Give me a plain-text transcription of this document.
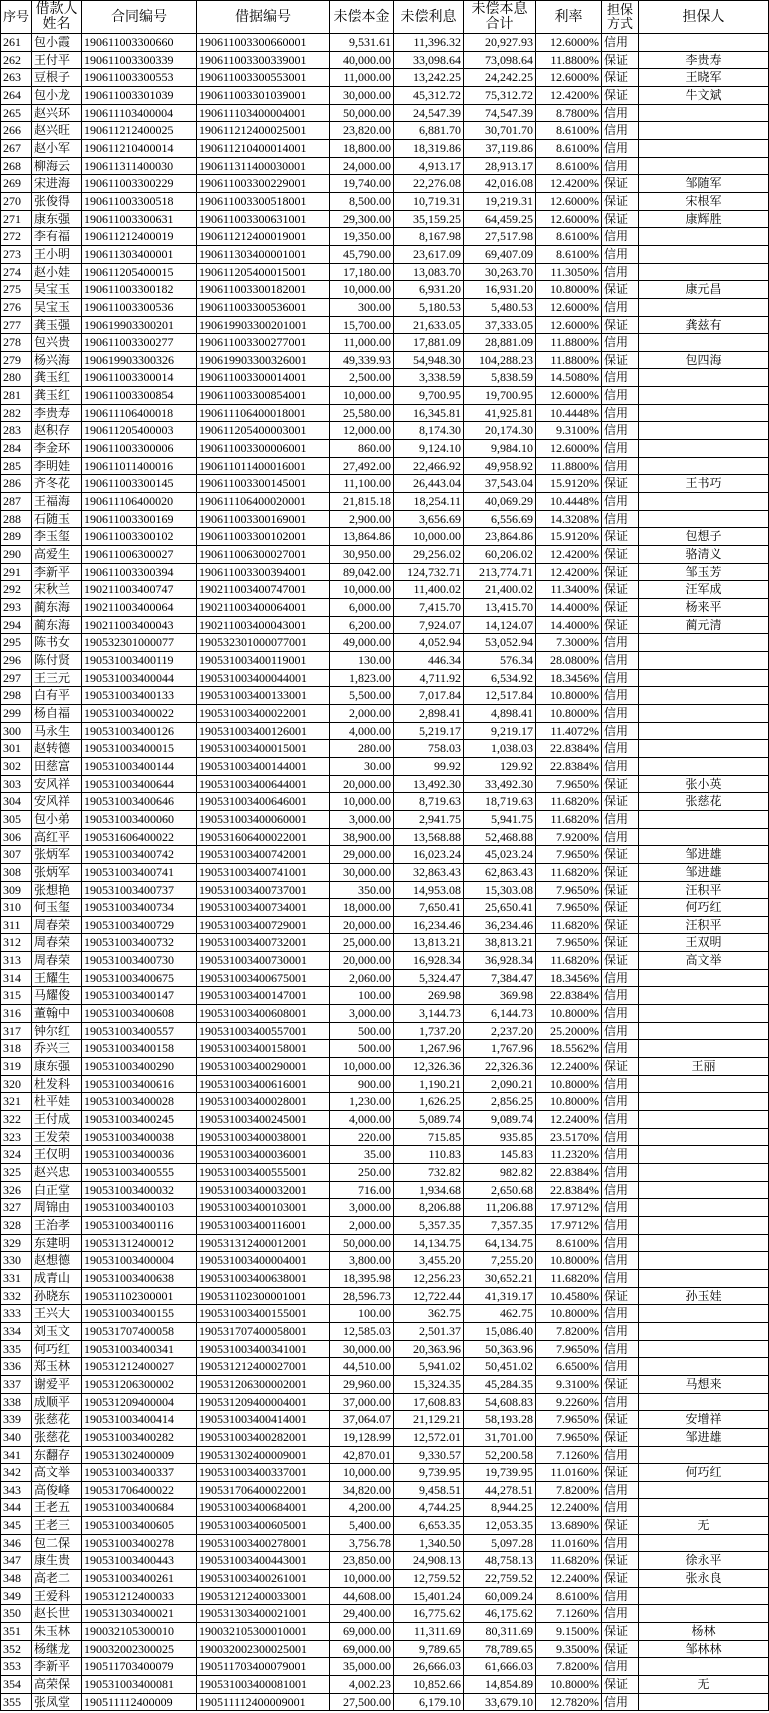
序号 借款人姓名	合同编号	借据编号	未偿本金 未偿利息	未偿本息合计	利率	担保方式	担保人
261	包小霞	190611003300660	190611003300660001	9,531.61	11,396.32	20,927.93	12.6000% 信用
262	王付平	190611003300339	190611003300339001	40,000.00	33,098.64	73,098.64	11.8800% 保证	李贵寿
263	豆根子	190611003300553	190611003300553001	11,000.00	13,242.25	24,242.25	12.6000% 保证	王晓军
264	包小龙	190611003301039	190611003301039001	30,000.00	45,312.72	75,312.72	12.4200% 保证	牛文斌
265	赵兴环	190611103400004	190611103400004001	50,000.00	24,547.39	74,547.39	8.7800% 信用
266	赵兴旺	190611212400025	190611212400025001	23,820.00	6,881.70	30,701.70	8.6100% 信用
267	赵小军	190611210400014	190611210400014001	18,800.00	18,319.86	37,119.86	8.6100% 信用
268	柳海云	190611311400030	190611311400030001	24,000.00	4,913.17	28,913.17	8.6100% 信用
269	宋进海	190611003300229	190611003300229001	19,740.00	22,276.08	42,016.08	12.4200% 保证	邹随军
270	张俊得	190611003300518	190611003300518001	8,500.00	10,719.31	19,219.31	12.6000% 保证	宋根军
271	康东强	190611003300631	190611003300631001	29,300.00	35,159.25	64,459.25	12.6000% 保证	康辉胜
272	李有福	190611212400019	190611212400019001	19,350.00	8,167.98	27,517.98	8.6100% 信用
273	王小明	190611303400001	190611303400001001	45,790.00	23,617.09	69,407.09	8.6100% 信用
274	赵小娃	190611205400015	190611205400015001	17,180.00	13,083.70	30,263.70	11.3050% 信用
275	吴宝玉	190611003300182	190611003300182001	10,000.00	6,931.20	16,931.20	10.8000% 保证	康元昌
276	吴宝玉	190611003300536	190611003300536001	300.00	5,180.53	5,480.53	12.6000% 信用
277	龚玉强	190619903300201	190619903300201001	15,700.00	21,633.05	37,333.05	12.6000% 保证	龚兹有
278	包兴贵	190611003300277	190611003300277001	11,000.00	17,881.09	28,881.09	11.8800% 信用
279	杨兴海	190619903300326	190619903300326001	49,339.93	54,948.30	104,288.23	11.8800% 保证	包四海
280	龚玉红	190611003300014	190611003300014001	2,500.00	3,338.59	5,838.59	14.5080% 信用
281	龚玉红	190611003300854	190611003300854001	10,000.00	9,700.95	19,700.95	12.6000% 信用
282	李贵寿	190611106400018	190611106400018001	25,580.00	16,345.81	41,925.81	10.4448% 信用
283	赵积存	190611205400003	190611205400003001	12,000.00	8,174.30	20,174.30	9.3100% 信用
284	李金环	190611003300006	190611003300006001	860.00	9,124.10	9,984.10	12.6000% 信用
285	李明娃	190611011400016	190611011400016001	27,492.00	22,466.92	49,958.92	11.8800% 信用
286	齐冬花	190611003300145	190611003300145001	11,100.00	26,443.04	37,543.04	15.9120% 保证	王书巧
287	王福海	190611106400020	190611106400020001	21,815.18	18,254.11	40,069.29	10.4448% 信用
288	石随玉	190611003300169	190611003300169001	2,900.00	3,656.69	6,556.69	14.3208% 信用
289	李玉玺	190611003300102	190611003300102001	13,864.86	10,000.00	23,864.86	15.9120% 保证	包想子
290	高爱生	190611006300027	190611006300027001	30,950.00	29,256.02	60,206.02	12.4200% 保证	骆清义
291	李新平	190611003300394	190611003300394001	89,042.00	124,732.71	213,774.71	12.4200% 保证	邹玉芳
292	宋秋兰	190211003400747	190211003400747001	10,000.00	11,400.02	21,400.02	11.3400% 保证	汪军成
293	蔺东海	190211003400064	190211003400064001	6,000.00	7,415.70	13,415.70	14.4000% 保证	杨来平
294	蔺东海	190211003400043	190211003400043001	6,200.00	7,924.07	14,124.07	14.4000% 保证	蔺元清
295	陈书女	190532301000077	190532301000077001	49,000.00	4,052.94	53,052.94	7.3000% 信用
296	陈付贤	190531003400119	190531003400119001	130.00	446.34	576.34	28.0800% 信用
297	王三元	190531003400044	190531003400044001	1,823.00	4,711.92	6,534.92	18.3456% 信用
298	白有平	190531003400133	190531003400133001	5,500.00	7,017.84	12,517.84	10.8000% 信用
299	杨自福	190531003400022	190531003400022001	2,000.00	2,898.41	4,898.41	10.8000% 信用
300	马永生	190531003400126	190531003400126001	4,000.00	5,219.17	9,219.17	11.4072% 信用
301	赵转德	190531003400015	190531003400015001	280.00	758.03	1,038.03	22.8384% 信用
302	田慈富	190531003400144	190531003400144001	30.00	99.92	129.92	22.8384% 信用
303	安风祥	190531003400644	190531003400644001	20,000.00	13,492.30	33,492.30	7.9650% 保证	张小英
304	安风祥	190531003400646	190531003400646001	10,000.00	8,719.63	18,719.63	11.6820% 保证	张慈花
305	包小弟	190531003400060	190531003400060001	3,000.00	2,941.75	5,941.75	11.6820% 信用
306	高红平	190531606400022	190531606400022001	38,900.00	13,568.88	52,468.88	7.9200% 信用
307	张炳军	190531003400742	190531003400742001	29,000.00	16,023.24	45,023.24	7.9650% 保证	邹进雄
308	张炳军	190531003400741	190531003400741001	30,000.00	32,863.43	62,863.43	11.6820% 保证	邹进雄
309	张想艳	190531003400737	190531003400737001	350.00	14,953.08	15,303.08	7.9650% 保证	汪积平
310	何玉玺	190531003400734	190531003400734001	18,000.00	7,650.41	25,650.41	7.9650% 保证	何巧红
311	周春荣	190531003400729	190531003400729001	20,000.00	16,234.46	36,234.46	11.6820% 保证	汪积平
312	周春荣	190531003400732	190531003400732001	25,000.00	13,813.21	38,813.21	7.9650% 保证	王双明
313	周春荣	190531003400730	190531003400730001	20,000.00	16,928.34	36,928.34	11.6820% 保证	高文举
314	王耀生	190531003400675	190531003400675001	2,060.00	5,324.47	7,384.47	18.3456% 信用
315	马耀俊	190531003400147	190531003400147001	100.00	269.98	369.98	22.8384% 信用
316	董翰中	190531003400608	190531003400608001	3,000.00	3,144.73	6,144.73	10.8000% 信用
317	钟尔红	190531003400557	190531003400557001	500.00	1,737.20	2,237.20	25.2000% 信用
318	乔兴三	190531003400158	190531003400158001	500.00	1,267.96	1,767.96	18.5562% 信用
319	康东强	190531003400290	190531003400290001	10,000.00	12,326.36	22,326.36	12.2400% 保证	王丽
320	杜发科	190531003400616	190531003400616001	900.00	1,190.21	2,090.21	10.8000% 信用
321	杜平娃	190531003400028	190531003400028001	1,230.00	1,626.25	2,856.25	10.8000% 信用
322	王付成	190531003400245	190531003400245001	4,000.00	5,089.74	9,089.74	12.2400% 信用
323	王发荣	190531003400038	190531003400038001	220.00	715.85	935.85	23.5170% 信用
324	王仅明	190531003400036	190531003400036001	35.00	110.83	145.83	11.2320% 信用
325	赵兴忠	190531003400555	190531003400555001	250.00	732.82	982.82	22.8384% 信用
326	白正堂	190531003400032	190531003400032001	716.00	1,934.68	2,650.68	22.8384% 信用
327	周锦由	190531003400103	190531003400103001	3,000.00	8,206.88	11,206.88	17.9712% 信用
328	王治孝	190531003400116	190531003400116001	2,000.00	5,357.35	7,357.35	17.9712% 信用
329	东建明	190531312400012	190531312400012001	50,000.00	14,134.75	64,134.75	8.6100% 信用
330	赵想德	190531003400004	190531003400004001	3,800.00	3,455.20	7,255.20	10.8000% 信用
331	成青山	190531003400638	190531003400638001	18,395.98	12,256.23	30,652.21	11.6820% 信用
332	孙晓东	190531102300001	190531102300001001	28,596.73	12,722.44	41,319.17	10.4580% 保证	孙玉娃
333	王兴大	190531003400155	190531003400155001	100.00	362.75	462.75	10.8000% 信用
334	刘玉文	190531707400058	190531707400058001	12,585.03	2,501.37	15,086.40	7.8200% 信用
335	何巧红	190531003400341	190531003400341001	30,000.00	20,363.96	50,363.96	7.9650% 信用
336	郑玉林	190531212400027	190531212400027001	44,510.00	5,941.02	50,451.02	6.6500% 信用
337	谢爱平	190531206300002	190531206300002001	29,960.00	15,324.35	45,284.35	9.3100% 保证	马想来
338	成顺平	190531209400004	190531209400004001	37,000.00	17,608.83	54,608.83	9.2260% 信用
339	张慈花	190531003400414	190531003400414001	37,064.07	21,129.21	58,193.28	7.9650% 保证	安增祥
340	张慈花	190531003400282	190531003400282001	19,128.99	12,572.01	31,701.00	7.9650% 保证	邹进雄
341	东翻存	190531302400009	190531302400009001	42,870.01	9,330.57	52,200.58	7.1260% 信用
342	高文举	190531003400337	190531003400337001	10,000.00	9,739.95	19,739.95	11.0160% 保证	何巧红
343	高俊峰	190531706400022	190531706400022001	34,820.00	9,458.51	44,278.51	7.8200% 信用
344	王老五	190531003400684	190531003400684001	4,200.00	4,744.25	8,944.25	12.2400% 信用
345	王老三	190531003400605	190531003400605001	5,400.00	6,653.35	12,053.35	13.6890% 保证	无
346	包二保	190531003400278	190531003400278001	3,756.78	1,340.50	5,097.28	11.0160% 信用
347	康生贵	190531003400443	190531003400443001	23,850.00	24,908.13	48,758.13	11.6820% 保证	徐永平
348	高老二	190531003400261	190531003400261001	10,000.00	12,759.52	22,759.52	12.2400% 保证	张永良
349	王爱科	190531212400033	190531212400033001	44,608.00	15,401.24	60,009.24	8.6100% 信用
350	赵长世	190531303400021	190531303400021001	29,400.00	16,775.62	46,175.62	7.1260% 信用
351	朱玉林	190032105300010	190032105300010001	69,000.00	11,311.69	80,311.69	9.1500% 保证	杨林
352	杨继龙	190032002300025	190032002300025001	69,000.00	9,789.65	78,789.65	9.3500% 保证	邹林林
353	李新平	190511703400079	190511703400079001	35,000.00	26,666.03	61,666.03	7.8200% 信用
354	高荣保	190531003400081	190531003400081001	4,002.23	10,852.66	14,854.89	10.8000% 保证	无
355	张凤堂	190511112400009	190511112400009001	27,500.00	6,179.10	33,679.10	12.7820% 信用
